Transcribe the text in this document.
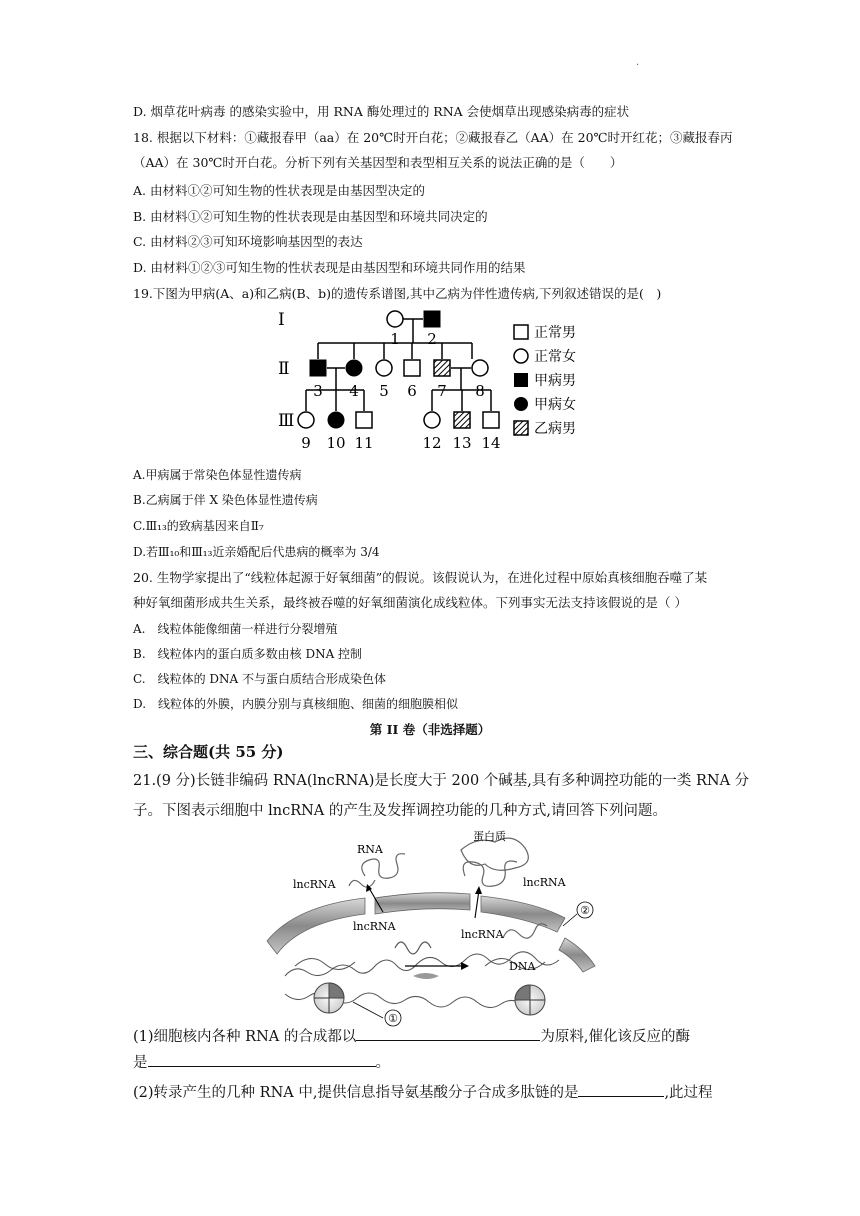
·
D. 烟草花叶病毒 的感染实验中，用 RNA 酶处理过的 RNA 会使烟草出现感染病毒的症状
18. 根据以下材料：①藏报春甲（aa）在 20℃时开白花；②藏报春乙（AA）在 20℃时开红花；③藏报春丙
（AA）在 30℃时开白花。分析下列有关基因型和表型相互关系的说法正确的是（　　）
A. 由材料①②可知生物的性状表现是由基因型决定的
B. 由材料①②可知生物的性状表现是由基因型和环境共同决定的
C. 由材料②③可知环境影响基因型的表达
D. 由材料①②③可知生物的性状表现是由基因型和环境共同作用的结果
19.下图为甲病(A、a)和乙病(B、b)的遗传系谱图,其中乙病为伴性遗传病,下列叙述错误的是(　)
Ⅰ
Ⅱ
Ⅲ
1 2
3 4 5 6 7 8
9 10 11	12 13 14
正常男
正常女
甲病男
甲病女
乙病男
A.甲病属于常染色体显性遗传病
B.乙病属于伴 X 染色体显性遗传病
C.Ⅲ₁₃的致病基因来自Ⅱ₇
D.若Ⅲ₁₀和Ⅲ₁₃近亲婚配后代患病的概率为 3/4
20. 生物学家提出了“线粒体起源于好氧细菌”的假说。该假说认为，在进化过程中原始真核细胞吞噬了某
种好氧细菌形成共生关系，最终被吞噬的好氧细菌演化成线粒体。下列事实无法支持该假说的是（ ）
A.　线粒体能像细菌一样进行分裂增殖
B.　线粒体内的蛋白质多数由核 DNA 控制
C.　线粒体的 DNA 不与蛋白质结合形成染色体
D.　线粒体的外膜，内膜分别与真核细胞、细菌的细胞膜相似
第 II 卷（非选择题）
三、综合题(共 55 分)
21.(9 分)长链非编码 RNA(lncRNA)是长度大于 200 个碱基,具有多种调控功能的一类 RNA 分
子。下图表示细胞中 lncRNA 的产生及发挥调控功能的几种方式,请回答下列问题。
RNA
蛋白质
lncRNA	lncRNA
lncRNA
lncRNA
DNA
①
②
(1)细胞核内各种 RNA 的合成都以	为原料,催化该反应的酶
是	。
(2)转录产生的几种 RNA 中,提供信息指导氨基酸分子合成多肽链的是	,此过程
